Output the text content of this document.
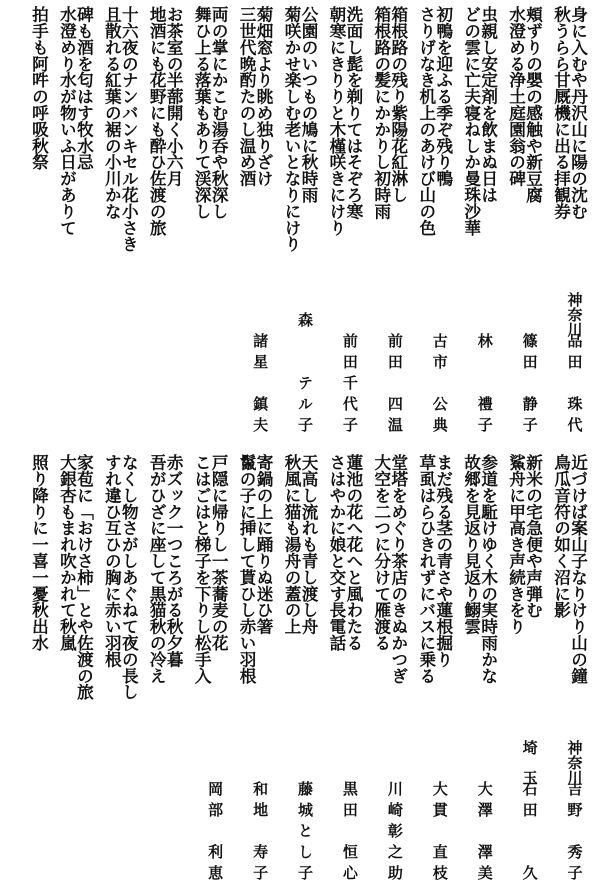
身に入むや丹沢山に陽の沈む
秋うらら甘厩機に出る拝観券
神奈川
品田　珠代
頬ずりの嬰の感触や新豆腐
水澄める浄土庭園翁の碑
篠田　静子
虫親し安定剤を飲まぬ日は
どの雲に亡夫寝ねしか曼珠沙華
林　　禮子
初鴨を迎ふる季ぞ残り鴨
さりげなき机上のあけび山の色
古市　公典
箱根路の残り紫陽花紅淋し
箱根路の髪にかかりし初時雨
前田　四温
洗面し髭を剃りてはそぞろ寒
朝寒にきりりと木槿咲きにけり
前田千代子
公園のいつもの鳩に秋時雨
菊咲かせ楽しむ老いとなりにけり
森　　テル子
菊畑窓より眺め独りざけ
三世代晩酌たのし温め酒
諸星　鎮夫
両の掌にかこむ湯呑や秋深し
舞ひ上る落葉もありて渓深し
お茶室の半蔀開く小六月
地酒にも花野にも酔ひ佐渡の旅
十六夜のナンバンキセル花小さき
且散れる紅葉の裾の小川かな
碑も酒を匂はす牧水忌
水澄めり水が物いふ日がありて
拍手も阿吽の呼吸秋祭

近づけば案山子なりけり山の鐘
鳥瓜音符の如く沼に影
神奈川
吉野　秀子
新米の宅急便や声弾む
鯊舟に甲高き声続きをり
埼　玉
石田　　久
参道を駈けゆく木の実時雨かな
故郷を見返り見返り鰯雲
大澤　澤美
まだ残る茎の青さや蓮根掘り
草虱はらひきれずにバスに乗る
大貫　直枝
堂塔をめぐり茶店のきぬかつぎ
大空を二つに分けて雁渡る
川崎彰之助
蓮池の花へ花へと風わたる
さはやかに娘と交す長電話
黒田　恒心
天高し流れも青し渡し舟
秋風に猫も湯舟の蓋の上
藤城とし子
寄鍋の上に踊りぬ迷ひ箸
鬣の子に挿して貰ひし赤い羽根
和地　寿子
戸隠に帰りし一茶蕎麦の花
こはごはと梯子を下りし松手入
岡部　利恵
赤ズック一つころがる秋夕暮
吾がひざに座して黒猫秋の冷え
なくし物さがしあぐねて夜の長し
すれ違ひ互ひの胸に赤い羽根
家苞に「おけさ柿」とや佐渡の旅
大銀杏もまれ吹かれて秋嵐
照り降りに一喜一憂秋出水
